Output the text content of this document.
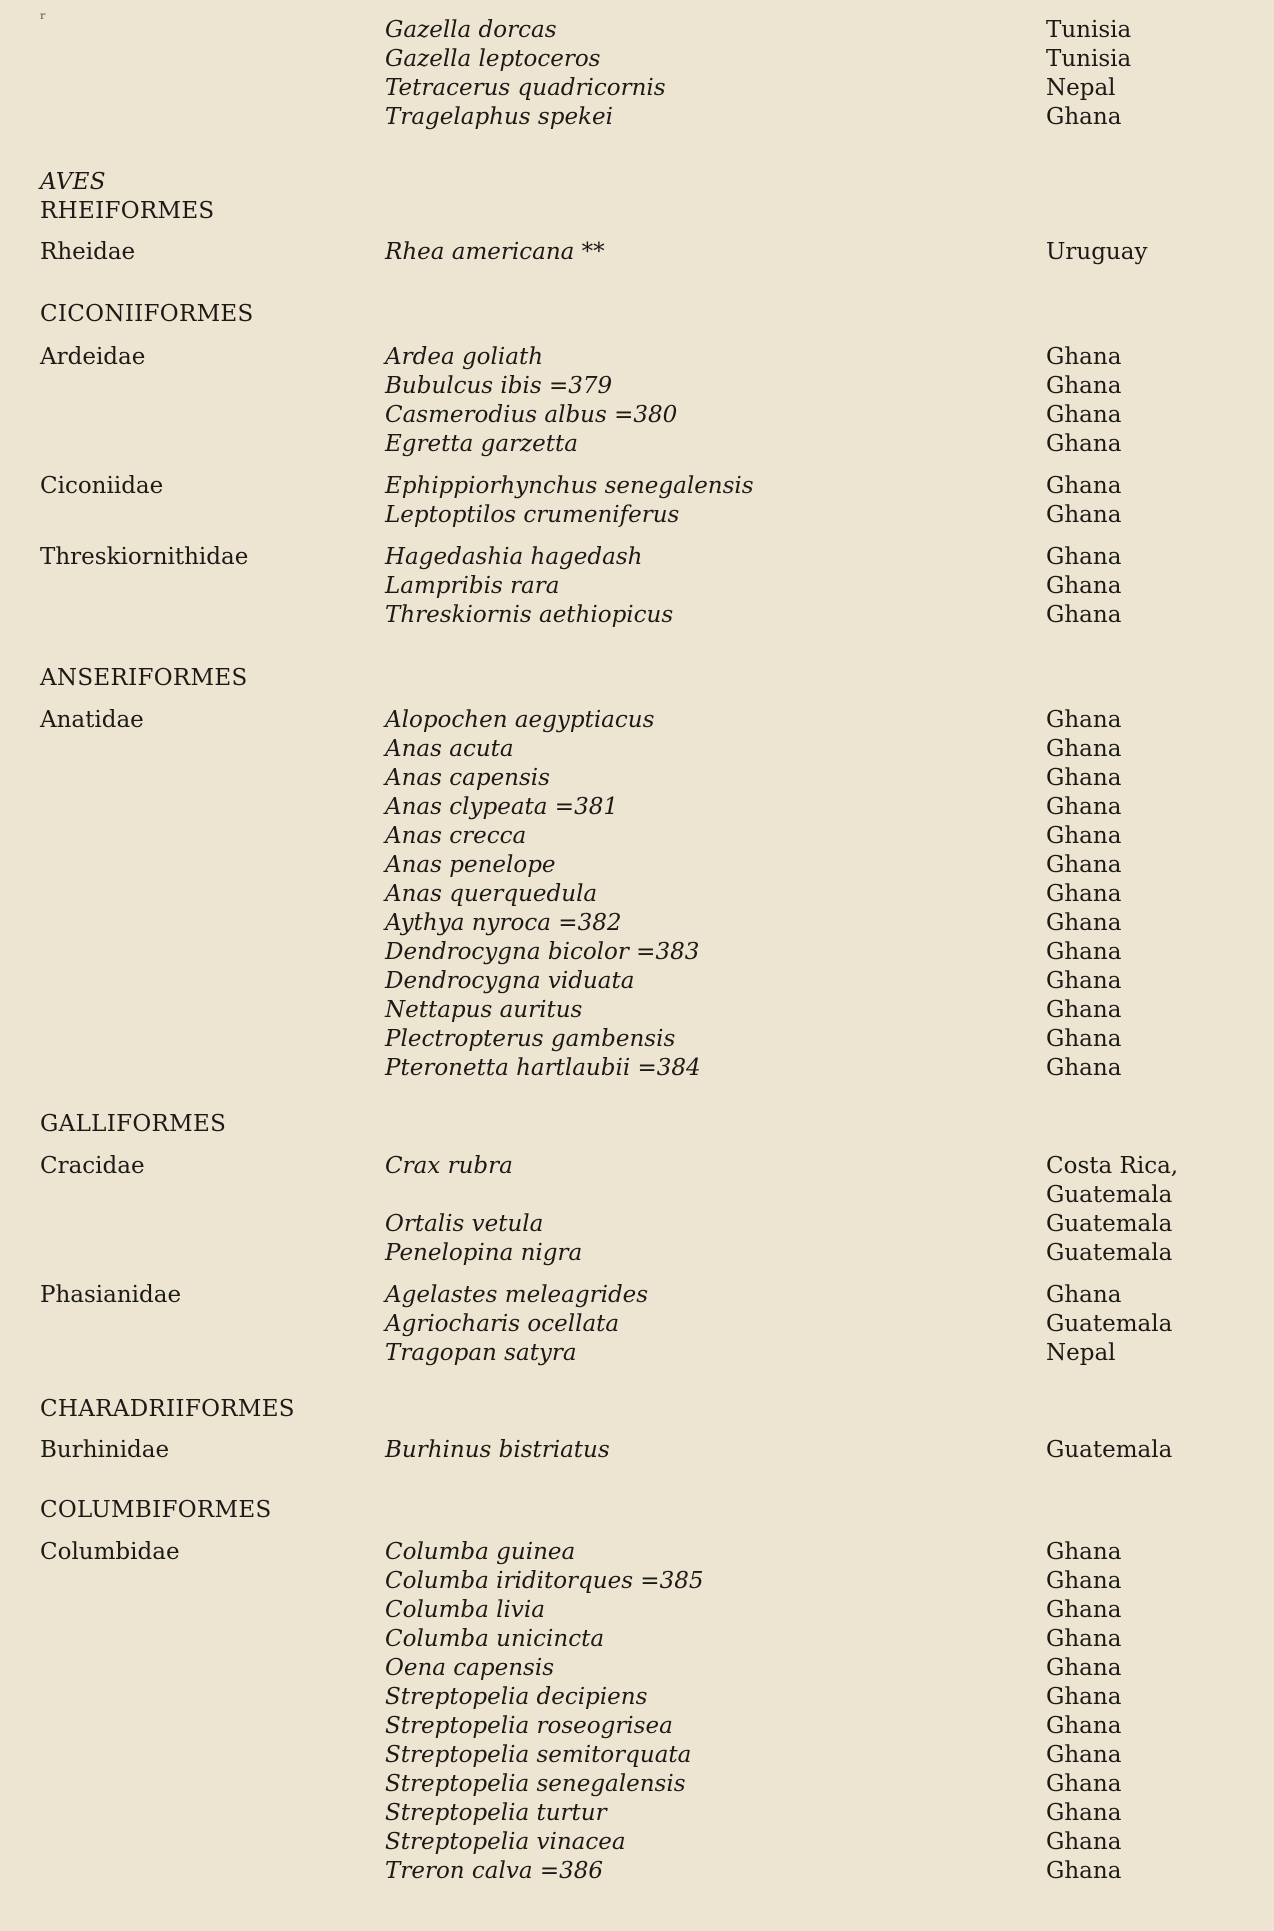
ʳ	Gazella dorcas	Tunisia
Gazella leptoceros	Tunisia
Tetracerus quadricornis	Nepal
Tragelaphus spekei	Ghana
AVES
RHEIFORMES
Rheidae	Rhea americana **	Uruguay
CICONIIFORMES
Ardeidae	Ardea goliath	Ghana
Bubulcus ibis =379	Ghana
Casmerodius albus =380	Ghana
Egretta garzetta	Ghana
Ciconiidae	Ephippiorhynchus senegalensis	Ghana
Leptoptilos crumeniferus	Ghana
Threskiornithidae	Hagedashia hagedash	Ghana
Lampribis rara	Ghana
Threskiornis aethiopicus	Ghana
ANSERIFORMES
Anatidae	Alopochen aegyptiacus	Ghana
Anas acuta	Ghana
Anas capensis	Ghana
Anas clypeata =381	Ghana
Anas crecca	Ghana
Anas penelope	Ghana
Anas querquedula	Ghana
Aythya nyroca =382	Ghana
Dendrocygna bicolor =383	Ghana
Dendrocygna viduata	Ghana
Nettapus auritus	Ghana
Plectropterus gambensis	Ghana
Pteronetta hartlaubii =384	Ghana
GALLIFORMES
Cracidae	Crax rubra	Costa Rica,
Guatemala
Ortalis vetula	Guatemala
Penelopina nigra	Guatemala
Phasianidae	Agelastes meleagrides	Ghana
Agriocharis ocellata	Guatemala
Tragopan satyra	Nepal
CHARADRIIFORMES
Burhinidae	Burhinus bistriatus	Guatemala
COLUMBIFORMES
Columbidae	Columba guinea	Ghana
Columba iriditorques =385	Ghana
Columba livia	Ghana
Columba unicincta	Ghana
Oena capensis	Ghana
Streptopelia decipiens	Ghana
Streptopelia roseogrisea	Ghana
Streptopelia semitorquata	Ghana
Streptopelia senegalensis	Ghana
Streptopelia turtur	Ghana
Streptopelia vinacea	Ghana
Treron calva =386	Ghana
